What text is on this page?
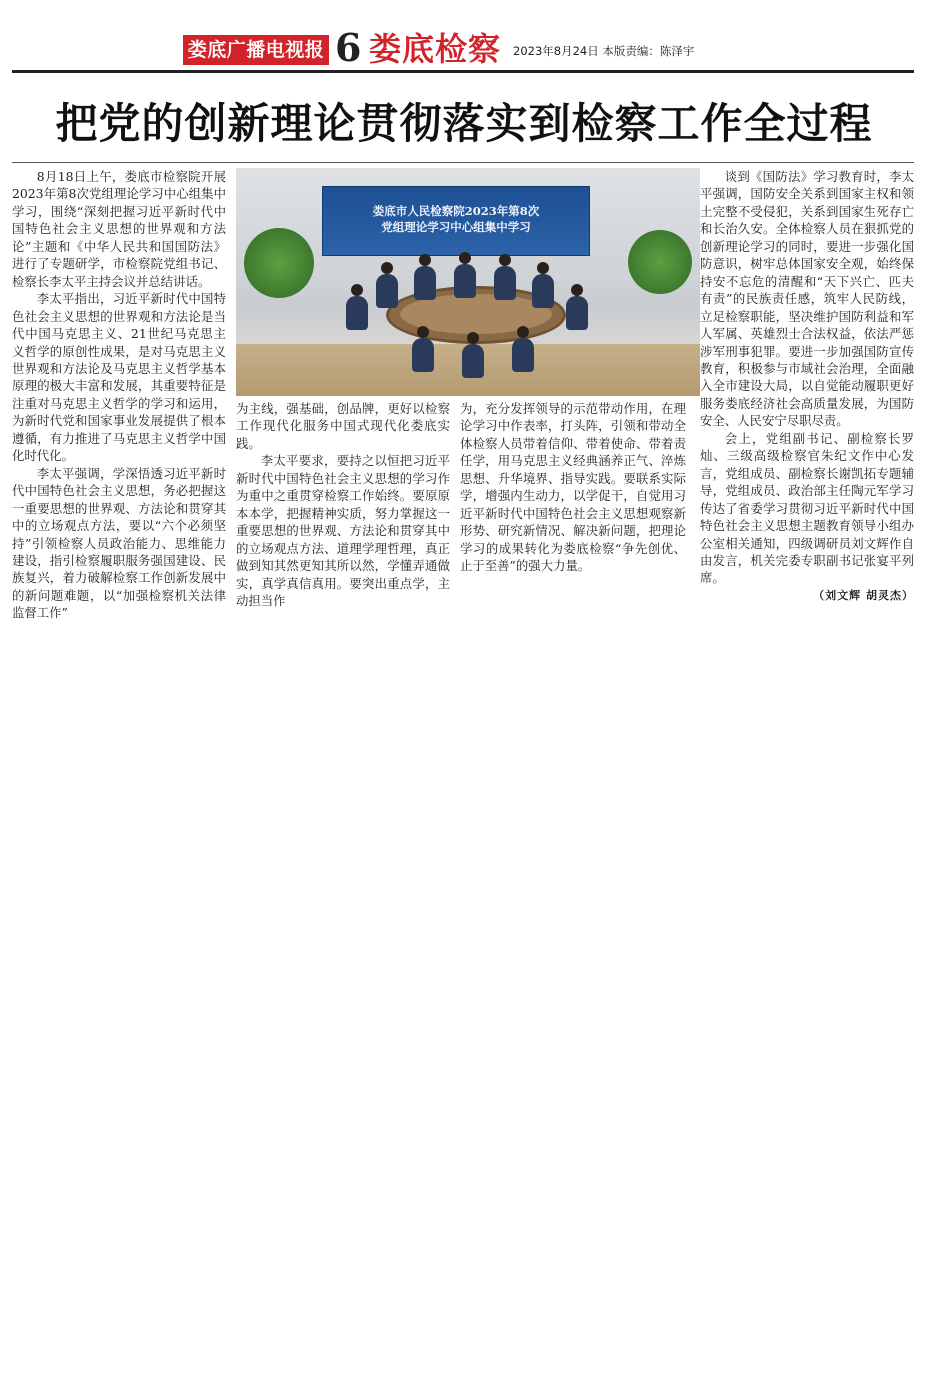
娄底广播电视报 6 娄底检察 2023年8月24日 本版责编：陈泽宇
把党的创新理论贯彻落实到检察工作全过程

8月18日上午，娄底市检察院开展2023年第8次党组理论学习中心组集中学习，围绕“深刻把握习近平新时代中国特色社会主义思想的世界观和方法论”主题和《中华人民共和国国防法》进行了专题研学，市检察院党组书记、检察长李太平主持会议并总结讲话。

李太平指出，习近平新时代中国特色社会主义思想的世界观和方法论是当代中国马克思主义、21世纪马克思主义哲学的原创性成果，是对马克思主义世界观和方法论及马克思主义哲学基本原理的极大丰富和发展，其重要特征是注重对马克思主义哲学的学习和运用，为新时代党和国家事业发展提供了根本遵循，有力推进了马克思主义哲学中国化时代化。

李太平强调，学深悟透习近平新时代中国特色社会主义思想，务必把握这一重要思想的世界观、方法论和贯穿其中的立场观点方法，要以“六个必须坚持”引领检察人员政治能力、思维能力建设，指引检察履职服务强国建设、民族复兴，着力破解检察工作创新发展中的新问题难题，以“加强检察机关法律监督工作”

娄底市人民检察院2023年第8次
党组理论学习中心组集中学习

为主线，强基础，创品牌，更好以检察工作现代化服务中国式现代化娄底实践。

李太平要求，要持之以恒把习近平新时代中国特色社会主义思想的学习作为重中之重贯穿检察工作始终。要原原本本学，把握精神实质，努力掌握这一重要思想的世界观、方法论和贯穿其中的立场观点方法、道理学理哲理，真正做到知其然更知其所以然，学懂弄通做实，真学真信真用。要突出重点学，主动担当作

为，充分发挥领导的示范带动作用，在理论学习中作表率，打头阵，引领和带动全体检察人员带着信仰、带着使命、带着责任学，用马克思主义经典涵养正气、淬炼思想、升华境界、指导实践。要联系实际学，增强内生动力，以学促干，自觉用习近平新时代中国特色社会主义思想观察新形势、研究新情况、解决新问题，把理论学习的成果转化为娄底检察“争先创优、止于至善”的强大力量。

谈到《国防法》学习教育时，李太平强调，国防安全关系到国家主权和领土完整不受侵犯，关系到国家生死存亡和长治久安。全体检察人员在狠抓党的创新理论学习的同时，要进一步强化国防意识，树牢总体国家安全观，始终保持安不忘危的清醒和“天下兴亡、匹夫有责”的民族责任感，筑牢人民防线，立足检察职能，坚决维护国防利益和军人军属、英雄烈士合法权益，依法严惩涉军刑事犯罪。要进一步加强国防宣传教育，积极参与市域社会治理，全面融入全市建设大局，以自觉能动履职更好服务娄底经济社会高质量发展，为国防安全、人民安宁尽职尽责。

会上，党组副书记、副检察长罗灿、三级高级检察官朱纪文作中心发言，党组成员、副检察长谢凯拓专题辅导，党组成员、政治部主任陶元军学习传达了省委学习贯彻习近平新时代中国特色社会主义思想主题教育领导小组办公室相关通知，四级调研员刘文辉作自由发言，机关完委专职副书记张宴平列席。

（刘文辉 胡灵杰）
